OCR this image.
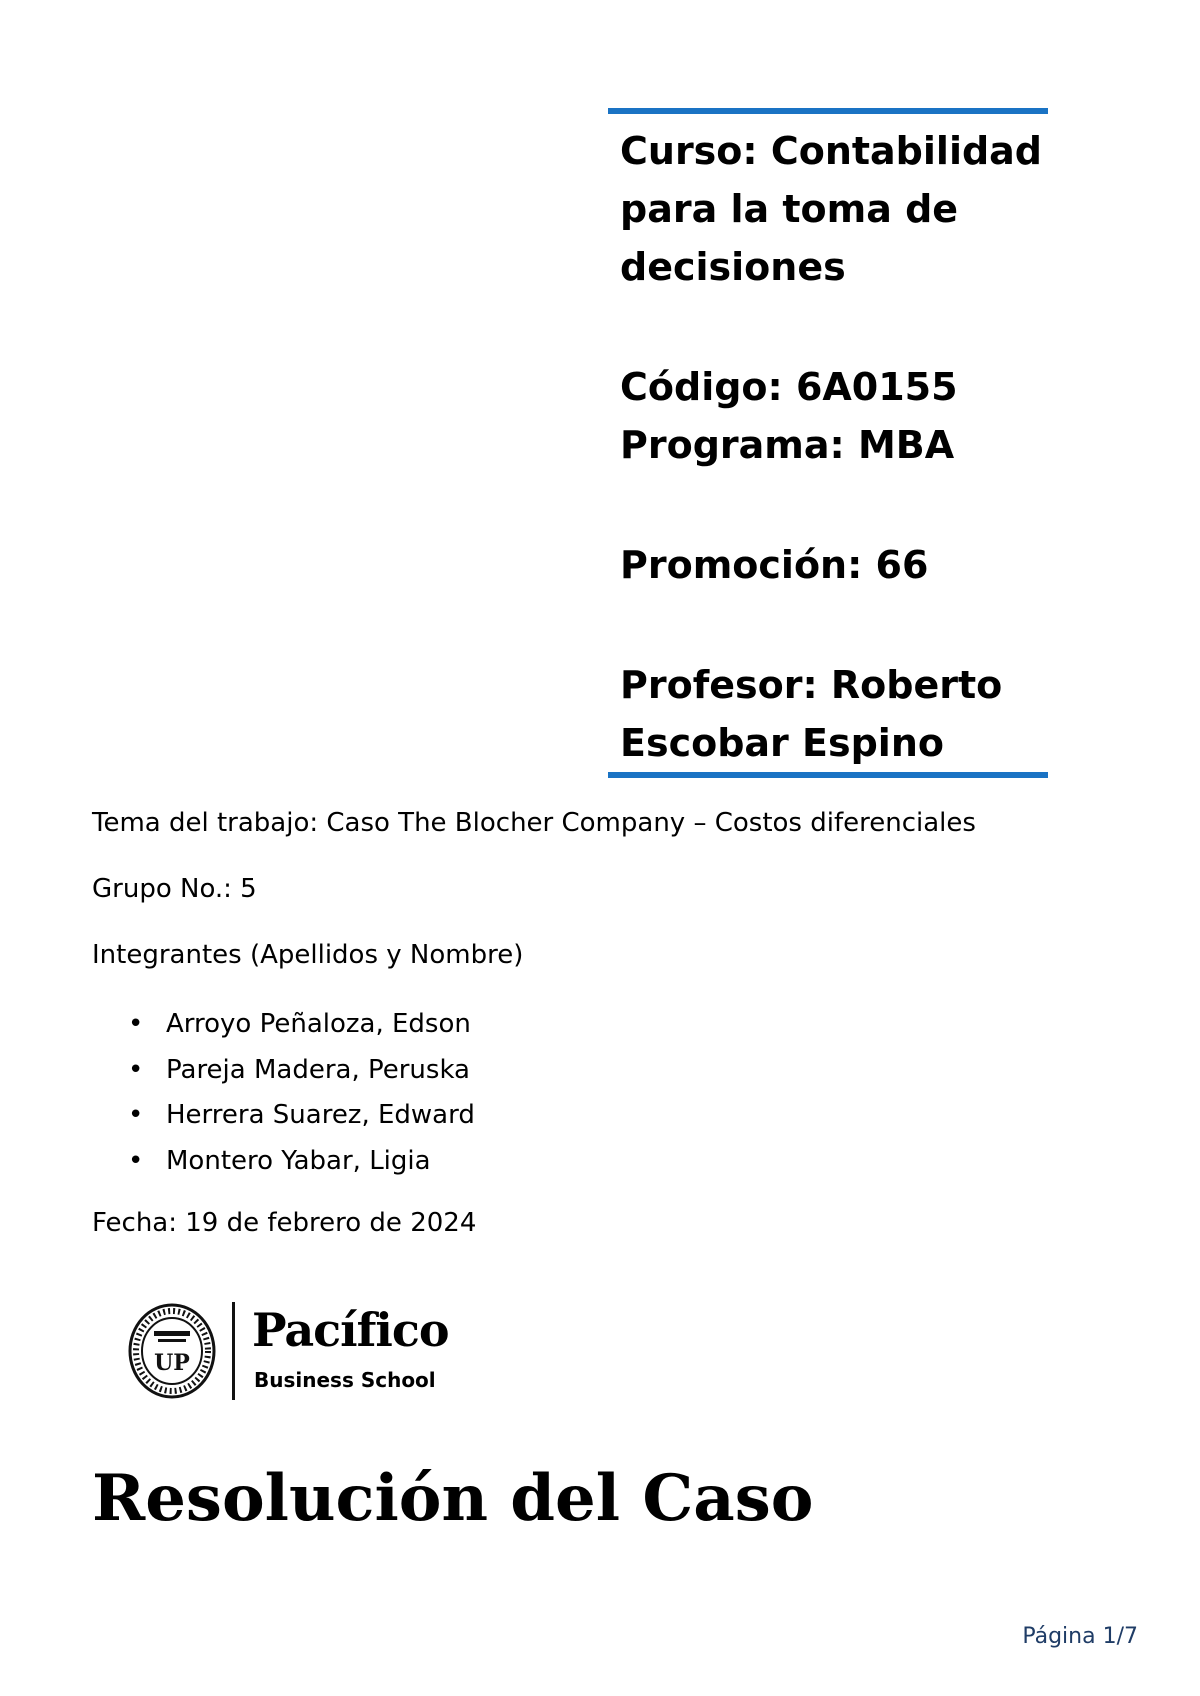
Curso: Contabilidad
para la toma de
decisiones
Código: 6A0155
Programa: MBA
Promoción: 66
Profesor: Roberto
Escobar Espino
Tema del trabajo: Caso The Blocher Company – Costos diferenciales
Grupo No.: 5
Integrantes (Apellidos y Nombre)
• Arroyo Peñaloza, Edson
• Pareja Madera, Peruska
• Herrera Suarez, Edward
• Montero Yabar, Ligia
Fecha: 19 de febrero de 2024
UP
Pacífico
Business School
Resolución del Caso
Página 1/7
